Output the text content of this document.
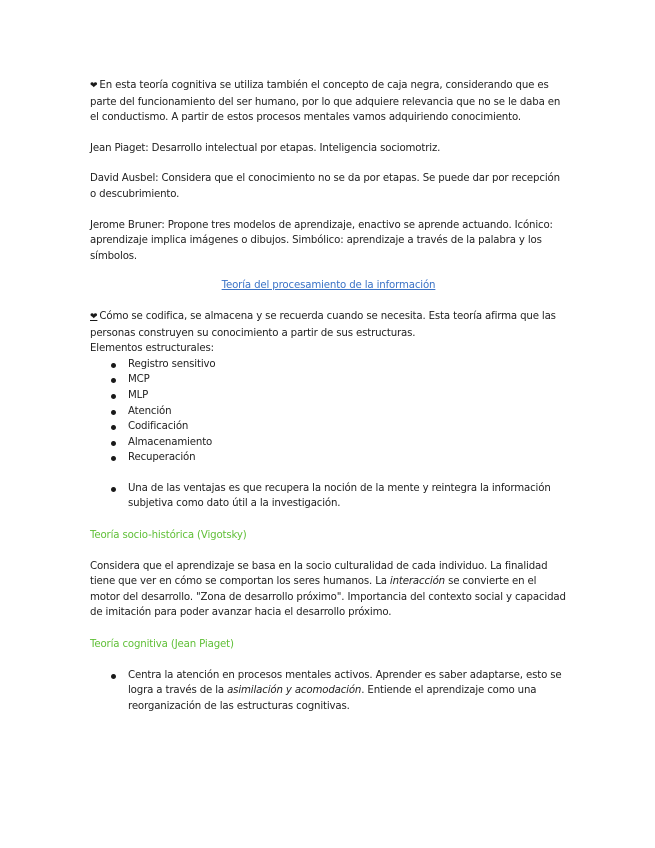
❤ En esta teoría cognitiva se utiliza también el concepto de caja negra, considerando que es parte del funcionamiento del ser humano, por lo que adquiere relevancia que no se le daba en el conductismo. A partir de estos procesos mentales vamos adquiriendo conocimiento.

Jean Piaget: Desarrollo intelectual por etapas. Inteligencia sociomotriz.

David Ausbel: Considera que el conocimiento no se da por etapas. Se puede dar por recepción o descubrimiento.

Jerome Bruner: Propone tres modelos de aprendizaje, enactivo se aprende actuando. Icónico: aprendizaje implica imágenes o dibujos. Simbólico: aprendizaje a través de la palabra y los símbolos.

Teoría del procesamiento de la información

❤ Cómo se codifica, se almacena y se recuerda cuando se necesita. Esta teoría afirma que las personas construyen su conocimiento a partir de sus estructuras.

Elementos estructurales:

Registro sensitivo
MCP
MLP
Atención
Codificación
Almacenamiento
Recuperación
Una de las ventajas es que recupera la noción de la mente y reintegra la información subjetiva como dato útil a la investigación.

Teoría socio-histórica (Vigotsky)

Considera que el aprendizaje se basa en la socio culturalidad de cada individuo. La finalidad tiene que ver en cómo se comportan los seres humanos. La interacción se convierte en el motor del desarrollo. "Zona de desarrollo próximo". Importancia del contexto social y capacidad de imitación para poder avanzar hacia el desarrollo próximo.

Teoría cognitiva (Jean Piaget)

Centra la atención en procesos mentales activos. Aprender es saber adaptarse, esto se logra a través de la asimilación y acomodación. Entiende el aprendizaje como una reorganización de las estructuras cognitivas.
